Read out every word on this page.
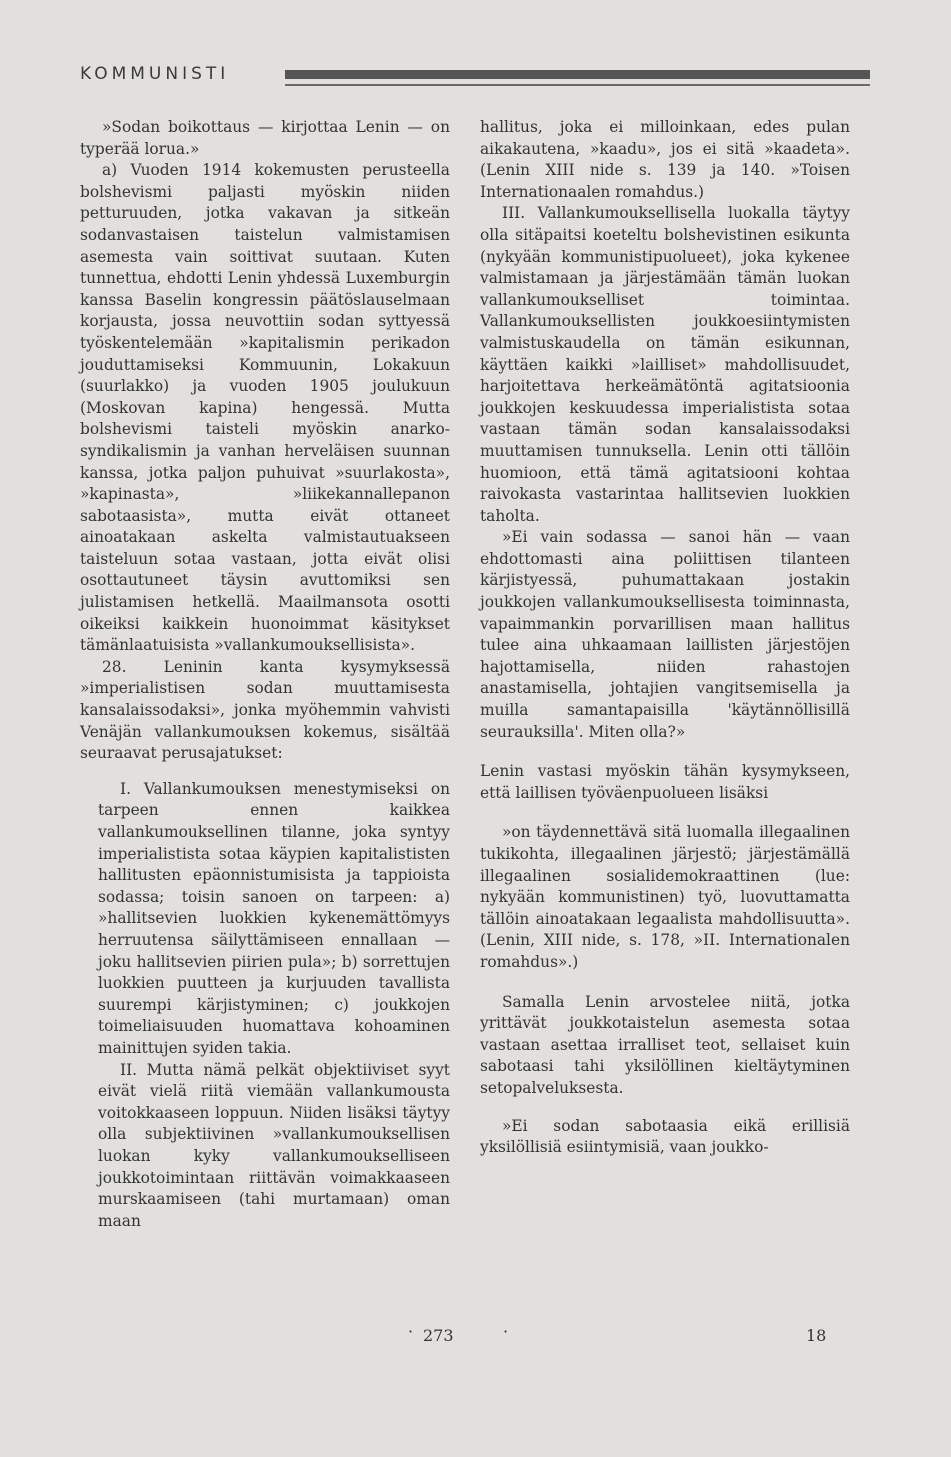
KOMMUNISTI

»Sodan boikottaus — kirjottaa Lenin — on typerää lorua.»

a) Vuoden 1914 kokemusten perusteella bolshevismi paljasti myöskin niiden petturuuden, jotka vakavan ja sitkeän sodanvastaisen taistelun valmistamisen asemesta vain soittivat suutaan. Kuten tunnettua, ehdotti Lenin yhdessä Luxemburgin kanssa Baselin kongressin päätöslauselmaan korjausta, jossa neuvottiin sodan syttyessä työskentelemään »kapitalismin perikadon jouduttamiseksi Kommuunin, Lokakuun (suurlakko) ja vuoden 1905 joulukuun (Moskovan kapina) hengessä. Mutta bolshevismi taisteli myöskin anarko-syndikalismin ja vanhan herveläisen suunnan kanssa, jotka paljon puhuivat »suurlakosta», »kapinasta», »liikekannallepanon sabotaasista», mutta eivät ottaneet ainoatakaan askelta valmistautuakseen taisteluun sotaa vastaan, jotta eivät olisi osottautuneet täysin avuttomiksi sen julistamisen hetkellä. Maailmansota osotti oikeiksi kaikkein huonoimmat käsitykset tämänlaatuisista »vallankumouksellisista».

28. Leninin kanta kysymyksessä »imperialistisen sodan muuttamisesta kansalaissodaksi», jonka myöhemmin vahvisti Venäjän vallankumouksen kokemus, sisältää seuraavat perusajatukset:

I. Vallankumouksen menestymiseksi on tarpeen ennen kaikkea vallankumouksellinen tilanne, joka syntyy imperialistista sotaa käypien kapitalististen hallitusten epäonnistumisista ja tappioista sodassa; toisin sanoen on tarpeen: a) »hallitsevien luokkien kykenemättömyys herruutensa säilyttämiseen ennallaan — joku hallitsevien piirien pula»; b) sorrettujen luokkien puutteen ja kurjuuden tavallista suurempi kärjistyminen; c) joukkojen toimeliaisuuden huomattava kohoaminen mainittujen syiden takia.

II. Mutta nämä pelkät objektiiviset syyt eivät vielä riitä viemään vallankumousta voitokkaaseen loppuun. Niiden lisäksi täytyy olla subjektiivinen »vallankumouksellisen luokan kyky vallankumoukselliseen joukkotoimintaan riittävän voimakkaaseen murskaamiseen (tahi murtamaan) oman maan

hallitus, joka ei milloinkaan, edes pulan aikakautena, »kaadu», jos ei sitä »kaadeta». (Lenin XIII nide s. 139 ja 140. »Toisen Internationaalen romahdus.)

III. Vallankumouksellisella luokalla täytyy olla sitäpaitsi koeteltu bolshevistinen esikunta (nykyään kommunistipuolueet), joka kykenee valmistamaan ja järjestämään tämän luokan vallankumoukselliset toimintaa. Vallankumouksellisten joukkoesiintymisten valmistuskaudella on tämän esikunnan, käyttäen kaikki »lailliset» mahdollisuudet, harjoitettava herkeämätöntä agitatsioonia joukkojen keskuudessa imperialistista sotaa vastaan tämän sodan kansalaissodaksi muuttamisen tunnuksella. Lenin otti tällöin huomioon, että tämä agitatsiooni kohtaa raivokasta vastarintaa hallitsevien luokkien taholta.

»Ei vain sodassa — sanoi hän — vaan ehdottomasti aina poliittisen tilanteen kärjistyessä, puhumattakaan jostakin joukkojen vallankumouksellisesta toiminnasta, vapaimmankin porvarillisen maan hallitus tulee aina uhkaamaan laillisten järjestöjen hajottamisella, niiden rahastojen anastamisella, johtajien vangitsemisella ja muilla samantapaisilla 'käytännöllisillä seurauksilla'. Miten olla?»

Lenin vastasi myöskin tähän kysymykseen, että laillisen työväenpuolueen lisäksi

»on täydennettävä sitä luomalla illegaalinen tukikohta, illegaalinen järjestö; järjestämällä illegaalinen sosialidemokraattinen (lue: nykyään kommunistinen) työ, luovuttamatta tällöin ainoatakaan legaalista mahdollisuutta». (Lenin, XIII nide, s. 178, »II. Internationalen romahdus».)

Samalla Lenin arvostelee niitä, jotka yrittävät joukkotaistelun asemesta sotaa vastaan asettaa irralliset teot, sellaiset kuin sabotaasi tahi yksilöllinen kieltäytyminen setopalveluksesta.

»Ei sodan sabotaasia eikä erillisiä yksilöllisiä esiintymisiä, vaan joukko-

· 273	·	18
